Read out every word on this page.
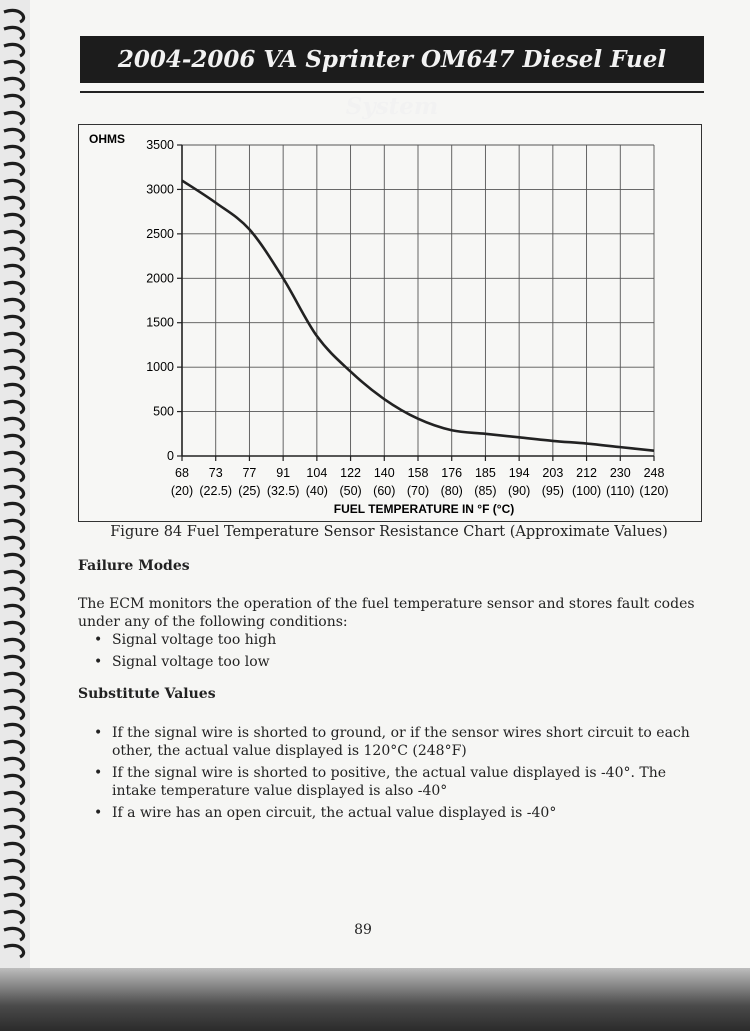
2004-2006 VA Sprinter OM647 Diesel Fuel System
0
500
1000
1500
2000
2500
3000
3500
68
(20)
73
(22.5)
77
(25)
91
(32.5)
104
(40)
122
(50)
140
(60)
158
(70)
176
(80)
185
(85)
194
(90)
203
(95)
212
(100)
230
(110)
248
(120)
OHMS
FUEL TEMPERATURE IN °F (°C)
Figure 84 Fuel Temperature Sensor Resistance Chart (Approximate Values)
Failure Modes
The ECM monitors the operation of the fuel temperature sensor and stores fault codes under any of the following conditions:
• Signal voltage too high
• Signal voltage too low
Substitute Values
• If the signal wire is shorted to ground, or if the sensor wires short circuit to each other, the actual value displayed is 120°C (248°F)
• If the signal wire is shorted to positive, the actual value displayed is -40°. The intake temperature value displayed is also -40°
• If a wire has an open circuit, the actual value displayed is -40°
89
